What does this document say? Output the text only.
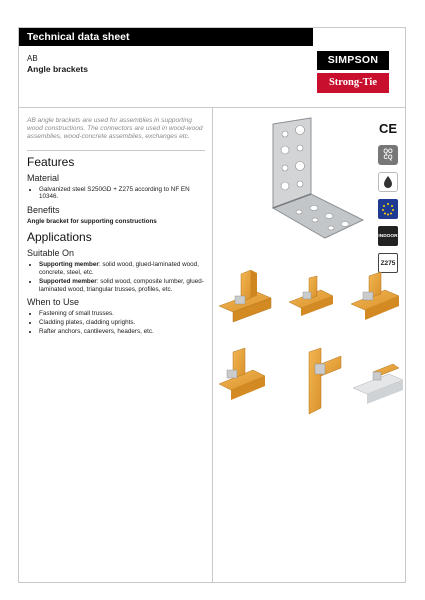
Technical data sheet
AB
Angle brackets
SIMPSON
Strong-Tie
AB angle brackets are used for assemblies in supporting wood constructions. The connectors are used in wood-wood assemblies, wood-concrete assemblies, exchanges etc.
Features
Material
• Galvanized steel S250GD + Z275 according to NF EN 10346.
Benefits
Angle bracket for supporting constructions
Applications
Suitable On
• Supporting member: solid wood, glued-laminated wood, concrete, steel, etc.
• Supported member: solid wood, composite lumber, glued-laminated wood, triangular trusses, profiles, etc.
When to Use
• Fastening of small trusses.
• Cladding plates, cladding uprights.
• Rafter anchors, cantilevers, headers, etc.
CE
QO
CQ
INDOOR
Z275
